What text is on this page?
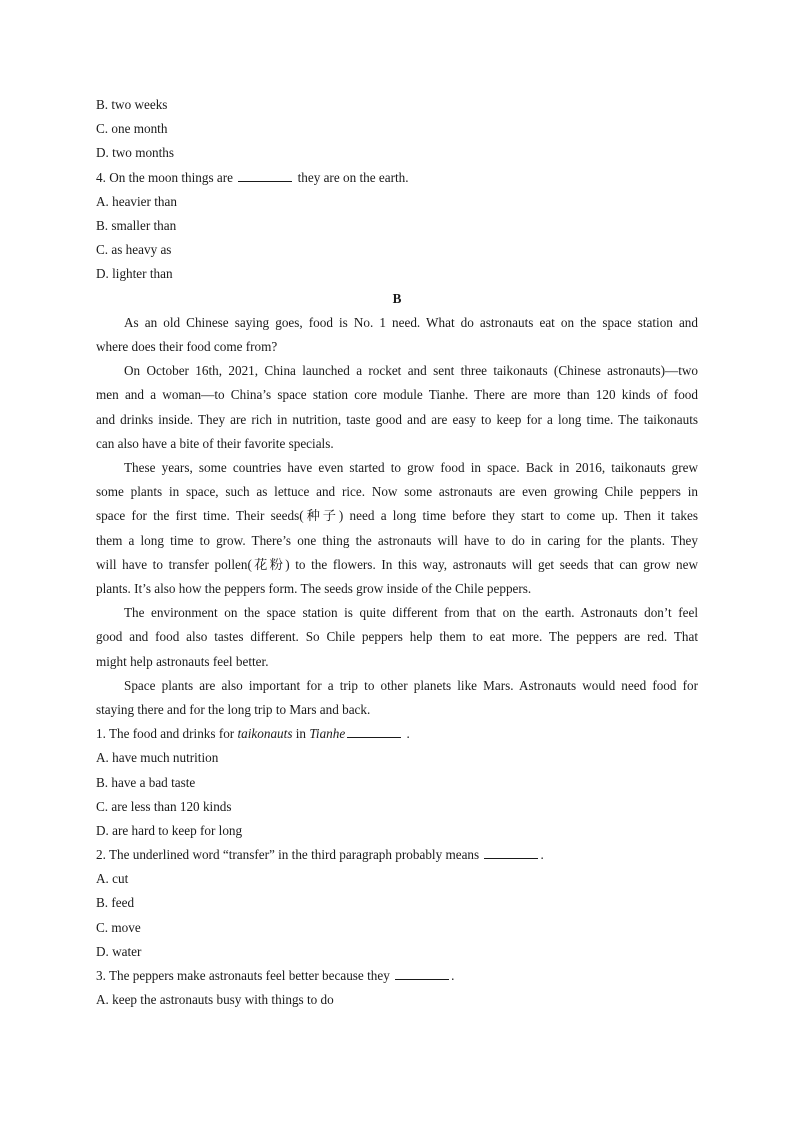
B. two weeks
C. one month
D. two months
4. On the moon things are	they are on the earth.
A. heavier than
B. smaller than
C. as heavy as
D. lighter than
B

As an old Chinese saying goes, food is No. 1 need. What do astronauts eat on the space station and
where does their food come from?

On October 16th, 2021, China launched a rocket and sent three taikonauts (Chinese astronauts)—two
men and a woman—to China’s space station core module Tianhe. There are more than 120 kinds of food
and drinks inside. They are rich in nutrition, taste good and are easy to keep for a long time. The taikonauts
can also have a bite of their favorite specials.

These years, some countries have even started to grow food in space. Back in 2016, taikonauts grew
some plants in space, such as lettuce and rice. Now some astronauts are even growing Chile peppers in
space for the first time. Their seeds(种子) need a long time before they start to come up. Then it takes
them a long time to grow. There’s one thing the astronauts will have to do in caring for the plants. They
will have to transfer pollen(花粉) to the flowers. In this way, astronauts will get seeds that can grow new
plants. It’s also how the peppers form. The seeds grow inside of the Chile peppers.

The environment on the space station is quite different from that on the earth. Astronauts don’t feel
good and food also tastes different. So Chile peppers help them to eat more. The peppers are red. That
might help astronauts feel better.

Space plants are also important for a trip to other planets like Mars. Astronauts would need food for
staying there and for the long trip to Mars and back.

1. The food and drinks for taikonauts in Tianhe	.
A. have much nutrition
B. have a bad taste
C. are less than 120 kinds
D. are hard to keep for long
2. The underlined word “transfer” in the third paragraph probably means	.
A. cut
B. feed
C. move
D. water
3. The peppers make astronauts feel better because they	.
A. keep the astronauts busy with things to do
